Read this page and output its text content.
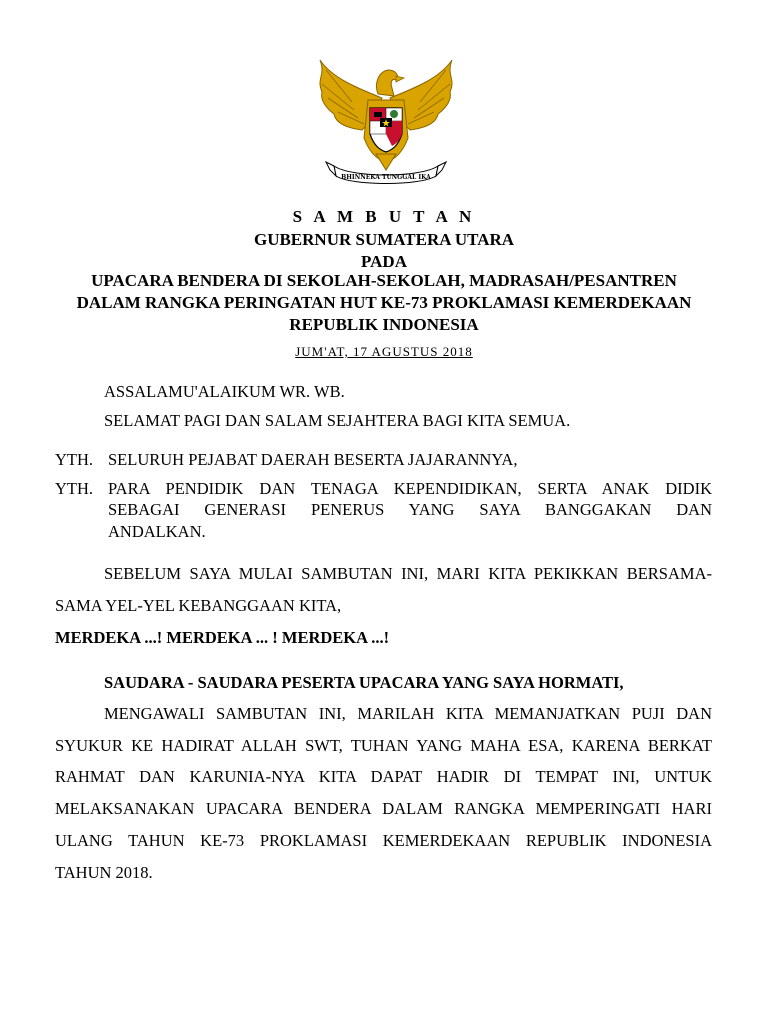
BHINNEKA TUNGGAL IKA
S A M B U T A N
GUBERNUR SUMATERA UTARA
PADA
UPACARA BENDERA DI SEKOLAH-SEKOLAH, MADRASAH/PESANTREN
DALAM RANGKA PERINGATAN HUT KE-73 PROKLAMASI KEMERDEKAAN
REPUBLIK INDONESIA
JUM'AT, 17 AGUSTUS 2018
ASSALAMU'ALAIKUM WR. WB.
SELAMAT PAGI DAN SALAM SEJAHTERA BAGI KITA SEMUA.
YTH. SELURUH PEJABAT DAERAH BESERTA JAJARANNYA,
YTH. PARA PENDIDIK DAN TENAGA KEPENDIDIKAN, SERTA ANAK DIDIK
SEBAGAI GENERASI PENERUS YANG SAYA BANGGAKAN DAN
ANDALKAN.
SEBELUM SAYA MULAI SAMBUTAN INI, MARI KITA PEKIKKAN BERSAMA-
SAMA YEL-YEL KEBANGGAAN KITA,
MERDEKA ...! MERDEKA ... ! MERDEKA ...!
SAUDARA - SAUDARA PESERTA UPACARA YANG SAYA HORMATI,
MENGAWALI SAMBUTAN INI, MARILAH KITA MEMANJATKAN PUJI DAN
SYUKUR KE HADIRAT ALLAH SWT, TUHAN YANG MAHA ESA, KARENA BERKAT
RAHMAT DAN KARUNIA-NYA KITA DAPAT HADIR DI TEMPAT INI, UNTUK
MELAKSANAKAN UPACARA BENDERA DALAM RANGKA MEMPERINGATI HARI
ULANG TAHUN KE-73 PROKLAMASI KEMERDEKAAN REPUBLIK INDONESIA
TAHUN 2018.
